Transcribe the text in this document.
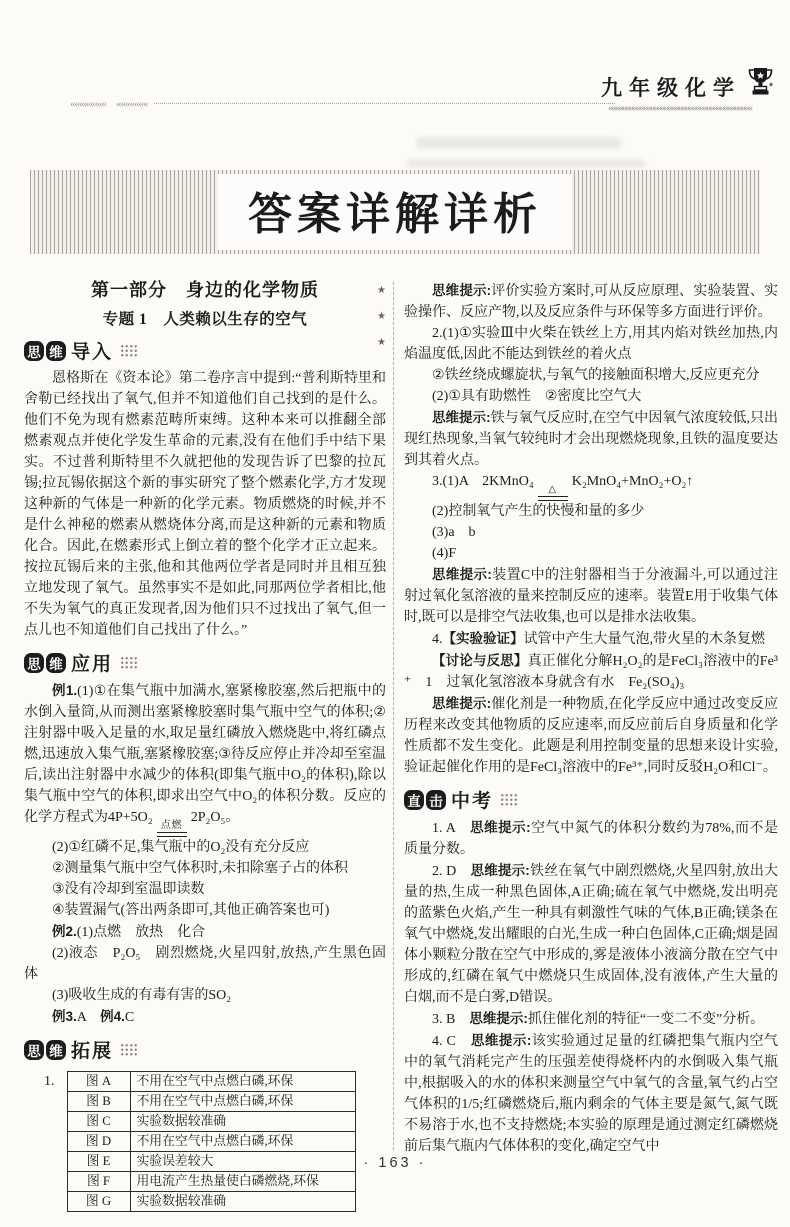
九年级化学
««««««««　«««««««	«««««««««««««««««««««««««««««««««««««««««
答案详解详析
★
★
★
第一部分　身边的化学物质
专题 1　人类赖以生存的空气
思 维 导入

恩格斯在《资本论》第二卷序言中提到:“普利斯特里和舍勒已经找出了氧气,但并不知道他们自己找到的是什么。他们不免为现有燃素范畴所束缚。这种本来可以推翻全部燃素观点并使化学发生革命的元素,没有在他们手中结下果实。不过普利斯特里不久就把他的发现告诉了巴黎的拉瓦锡;拉瓦锡依据这个新的事实研究了整个燃素化学,方才发现这种新的气体是一种新的化学元素。物质燃烧的时候,并不是什么神秘的燃素从燃烧体分离,而是这种新的元素和物质化合。因此,在燃素形式上倒立着的整个化学才正立起来。按拉瓦锡后来的主张,他和其他两位学者是同时并且相互独立地发现了氧气。虽然事实不是如此,同那两位学者相比,他不失为氧气的真正发现者,因为他们只不过找出了氧气,但一点儿也不知道他们自己找出了什么。”

思 维 应用

例1.(1)①在集气瓶中加满水,塞紧橡胶塞,然后把瓶中的水倒入量筒,从而测出塞紧橡胶塞时集气瓶中空气的体积;②注射器中吸入足量的水,取足量红磷放入燃烧匙中,将红磷点燃,迅速放入集气瓶,塞紧橡胶塞;③待反应停止并冷却至室温后,读出注射器中水减少的体积(即集气瓶中O₂的体积),除以集气瓶中空气的体积,即求出空气中O₂的体积分数。反应的化学方程式为4P+5O₂
点燃
2P₂O₅。

(2)①红磷不足,集气瓶中的O₂没有充分反应

②测量集气瓶中空气体积时,未扣除塞子占的体积

③没有冷却到室温即读数

④装置漏气(答出两条即可,其他正确答案也可)

例2.(1)点燃　放热　化合

(2)液态　P₂O₅　剧烈燃烧,火星四射,放热,产生黑色固体

(3)吸收生成的有毒有害的SO₂

例3.A　例4.C

思 维 拓展
1. 图 A	不用在空气中点燃白磷,环保
图 B	不用在空气中点燃白磷,环保
图 C	实验数据较准确
图 D	不用在空气中点燃白磷,环保
图 E	实验误差较大
图 F	用电流产生热量使白磷燃烧,环保
图 G	实验数据较准确

思维提示:评价实验方案时,可从反应原理、实验装置、实验操作、反应产物,以及反应条件与环保等多方面进行评价。

2.(1)①实验Ⅲ中火柴在铁丝上方,用其内焰对铁丝加热,内焰温度低,因此不能达到铁丝的着火点

②铁丝绕成螺旋状,与氧气的接触面积增大,反应更充分

(2)①具有助燃性　②密度比空气大

思维提示:铁与氧气反应时,在空气中因氧气浓度较低,只出现红热现象,当氧气较纯时才会出现燃烧现象,且铁的温度要达到其着火点。

3.(1)A　2KMnO₄
△
K₂MnO₄+MnO₂+O₂↑

(2)控制氧气产生的快慢和量的多少

(3)a　b

(4)F

思维提示:装置C中的注射器相当于分液漏斗,可以通过注射过氧化氢溶液的量来控制反应的速率。装置E用于收集气体时,既可以是排空气法收集,也可以是排水法收集。

4.【实验验证】试管中产生大量气泡,带火星的木条复燃

【讨论与反思】真正催化分解H₂O₂的是FeCl₃溶液中的Fe³⁺　1　过氧化氢溶液本身就含有水　Fe₂(SO₄)₃

思维提示:催化剂是一种物质,在化学反应中通过改变反应历程来改变其他物质的反应速率,而反应前后自身质量和化学性质都不发生变化。此题是利用控制变量的思想来设计实验,验证起催化作用的是FeCl₃溶液中的Fe³⁺,同时反驳H₂O和Cl⁻。

直 击 中考

1. A　思维提示:空气中氮气的体积分数约为78%,而不是质量分数。

2. D　思维提示:铁丝在氧气中剧烈燃烧,火星四射,放出大量的热,生成一种黑色固体,A正确;硫在氧气中燃烧,发出明亮的蓝紫色火焰,产生一种具有刺激性气味的气体,B正确;镁条在氧气中燃烧,发出耀眼的白光,生成一种白色固体,C正确;烟是固体小颗粒分散在空气中形成的,雾是液体小液滴分散在空气中形成的,红磷在氧气中燃烧只生成固体,没有液体,产生大量的白烟,而不是白雾,D错误。

3. B　思维提示:抓住催化剂的特征“一变二不变”分析。

4. C　思维提示:该实验通过足量的红磷把集气瓶内空气中的氧气消耗完产生的压强差使得烧杯内的水倒吸入集气瓶中,根据吸入的水的体积来测量空气中氧气的含量,氧气约占空气体积的1/5;红磷燃烧后,瓶内剩余的气体主要是氮气,氮气既不易溶于水,也不支持燃烧;本实验的原理是通过测定红磷燃烧前后集气瓶内气体体积的变化,确定空气中

· 163 ·
